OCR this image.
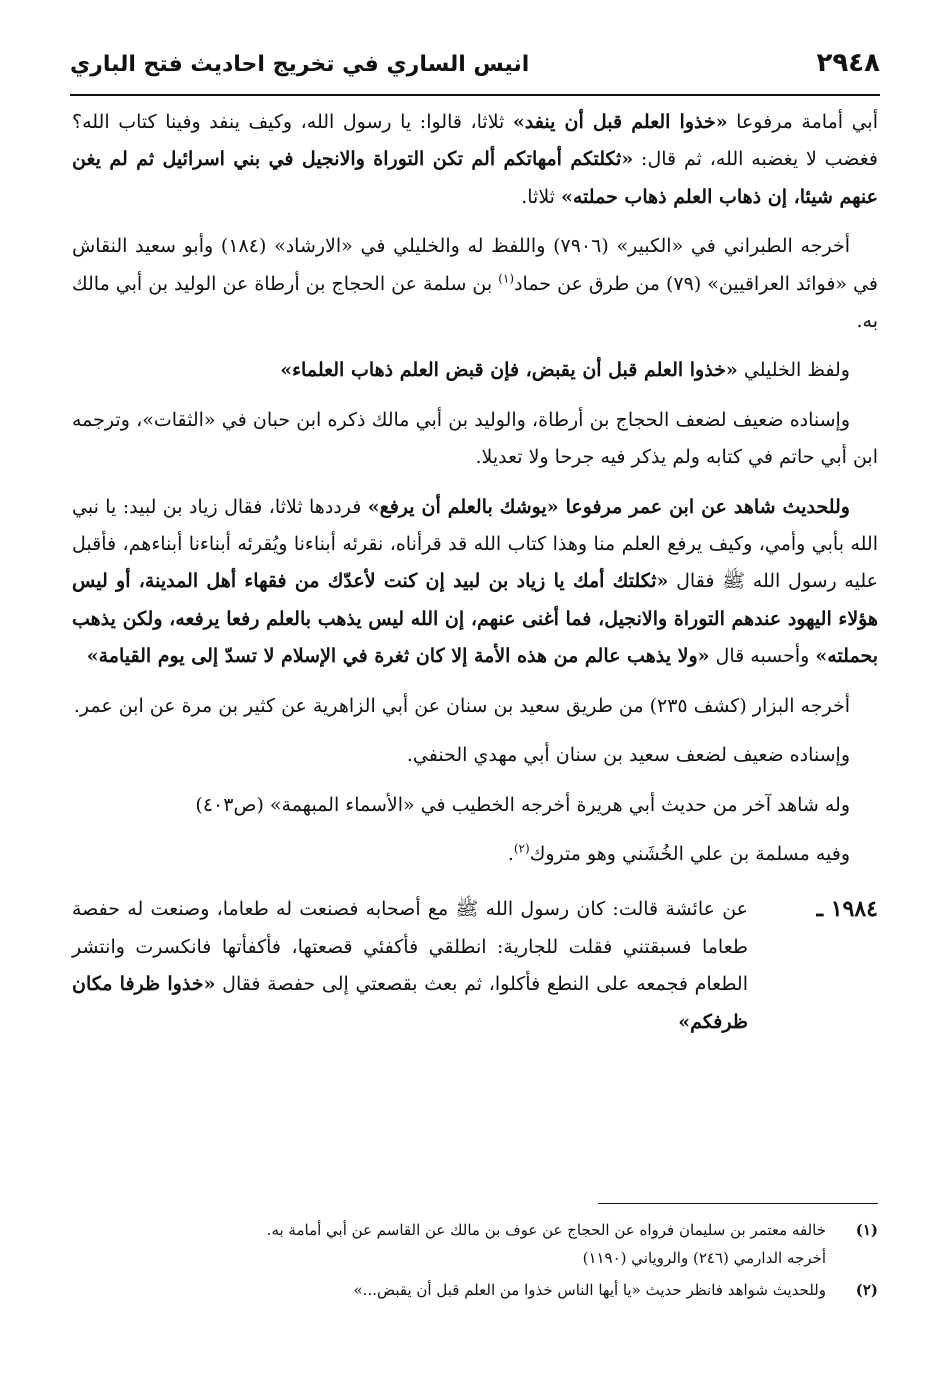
٢٩٤٨
انيس الساري في تخريج احاديث فتح الباري

أبي أمامة مرفوعا «خذوا العلم قبل أن ينفد» ثلاثا، قالوا: يا رسول الله، وكيف ينفد وفينا كتاب الله؟ فغضب لا يغضبه الله، ثم قال: «ثكلتكم أمهاتكم ألم تكن التوراة والانجيل في بني اسرائيل ثم لم يغن عنهم شيئا، إن ذهاب العلم ذهاب حملته» ثلاثا.

أخرجه الطبراني في «الكبير» (٧٩٠٦) واللفظ له والخليلي في «الارشاد» (١٨٤) وأبو سعيد النقاش في «فوائد العراقيين» (٧٩) من طرق عن حماد$^{(١)}$ بن سلمة عن الحجاج بن أرطاة عن الوليد بن أبي مالك به.

ولفظ الخليلي «خذوا العلم قبل أن يقبض، فإن قبض العلم ذهاب العلماء»

وإسناده ضعيف لضعف الحجاج بن أرطاة، والوليد بن أبي مالك ذكره ابن حبان في «الثقات»، وترجمه ابن أبي حاتم في كتابه ولم يذكر فيه جرحا ولا تعديلا.

وللحديث شاهد عن ابن عمر مرفوعا «يوشك بالعلم أن يرفع» فرددها ثلاثا، فقال زياد بن لبيد: يا نبي الله بأبي وأمي، وكيف يرفع العلم منا وهذا كتاب الله قد قرأناه، نقرئه أبناءنا ويُقرئه أبناءنا أبناءهم، فأقبل عليه رسول الله ﷺ فقال «ثكلتك أمك يا زياد بن لبيد إن كنت لأعدّك من فقهاء أهل المدينة، أو ليس هؤلاء اليهود عندهم التوراة والانجيل، فما أغنى عنهم، إن الله ليس يذهب بالعلم رفعا يرفعه، ولكن يذهب بحملته» وأحسبه قال «ولا يذهب عالم من هذه الأمة إلا كان ثغرة في الإسلام لا تسدّ إلى يوم القيامة»

أخرجه البزار (كشف ٢٣٥) من طريق سعيد بن سنان عن أبي الزاهرية عن كثير بن مرة عن ابن عمر.

وإسناده ضعيف لضعف سعيد بن سنان أبي مهدي الحنفي.

وله شاهد آخر من حديث أبي هريرة أخرجه الخطيب في «الأسماء المبهمة» (ص٤٠٣)

وفيه مسلمة بن علي الخُشَني وهو متروك$^{(٢)}$.

١٩٨٤ ـ

عن عائشة قالت: كان رسول الله ﷺ مع أصحابه فصنعت له طعاما، وصنعت له حفصة طعاما فسبقتني فقلت للجارية: انطلقي فأكفئي قصعتها، فأكفأتها فانكسرت وانتشر الطعام فجمعه على النطع فأكلوا، ثم بعث بقصعتي إلى حفصة فقال «خذوا ظرفا مكان ظرفكم»

(١)
خالفه معتمر بن سليمان فرواه عن الحجاج عن عوف بن مالك عن القاسم عن أبي أمامة به.
أخرجه الدارمي (٢٤٦) والروياني (١١٩٠)
(٢)
وللحديث شواهد فانظر حديث «يا أيها الناس خذوا من العلم قبل أن يقبض...»
